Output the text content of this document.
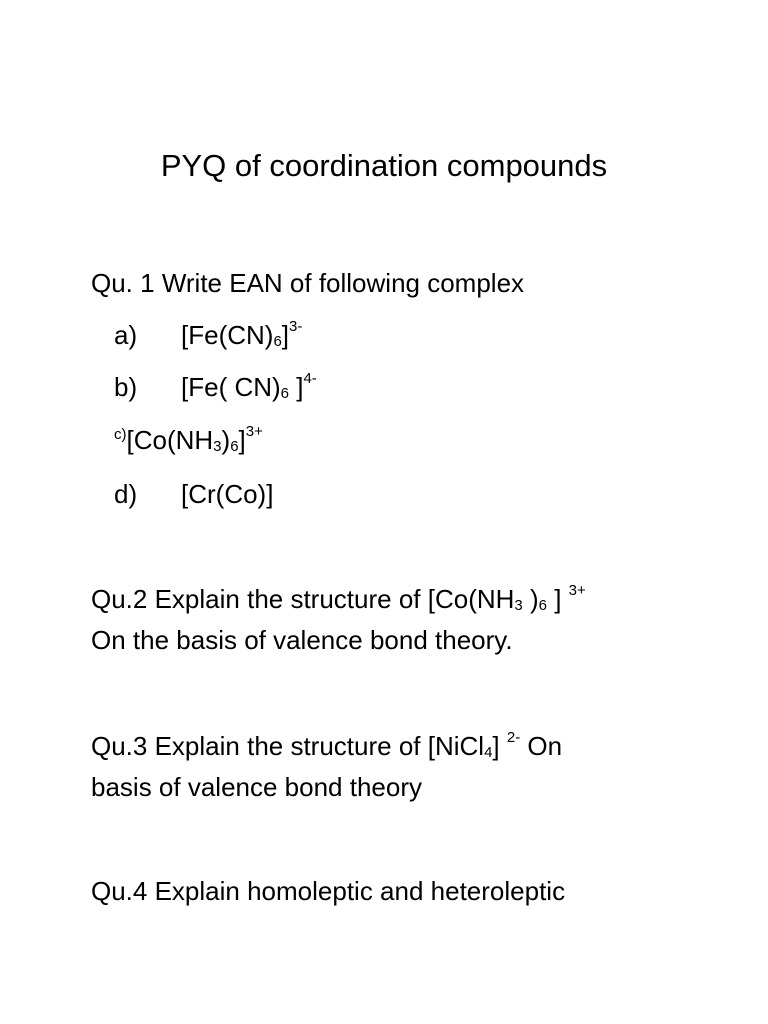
PYQ of coordination compounds
Qu. 1 Write EAN of following complex
a) $[Fe(CN)6]^{3-}$
b) [Fe( CN)6 ]$^{4-}$
$c)[Co(NH3)6]^{3+}$
d) [Cr(Co)]
Qu.2 Explain the structure of [Co(NH3 )6 ] $^{3+}$
On the basis of valence bond theory.
Qu.3 Explain the structure of [NiCl4] $^{2-}$ On
basis of valence bond theory
Qu.4 Explain homoleptic and heteroleptic
